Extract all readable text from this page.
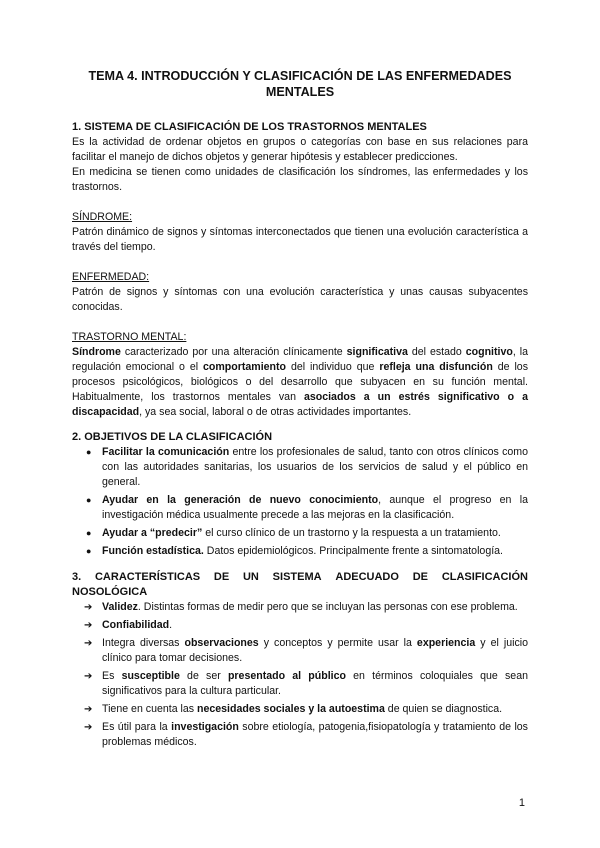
TEMA 4. INTRODUCCIÓN Y CLASIFICACIÓN DE LAS ENFERMEDADES MENTALES
1. SISTEMA DE CLASIFICACIÓN DE LOS TRASTORNOS MENTALES

Es la actividad de ordenar objetos en grupos o categorías con base en sus relaciones para facilitar el manejo de dichos objetos y generar hipótesis y establecer predicciones.

En medicina se tienen como unidades de clasificación los síndromes, las enfermedades y los trastornos.

SÍNDROME:

Patrón dinámico de signos y síntomas interconectados que tienen una evolución característica a través del tiempo.

ENFERMEDAD:

Patrón de signos y síntomas con una evolución característica y unas causas subyacentes conocidas.

TRASTORNO MENTAL:

Síndrome caracterizado por una alteración clínicamente significativa del estado cognitivo, la regulación emocional o el comportamiento del individuo que refleja una disfunción de los procesos psicológicos, biológicos o del desarrollo que subyacen en su función mental. Habitualmente, los trastornos mentales van asociados a un estrés significativo o a discapacidad, ya sea social, laboral o de otras actividades importantes.

2. OBJETIVOS DE LA CLASIFICACIÓN
● Facilitar la comunicación entre los profesionales de salud, tanto con otros clínicos como con las autoridades sanitarias, los usuarios de los servicios de salud y el público en general.
● Ayudar en la generación de nuevo conocimiento, aunque el progreso en la investigación médica usualmente precede a las mejoras en la clasificación.
● Ayudar a “predecir” el curso clínico de un trastorno y la respuesta a un tratamiento.
● Función estadística. Datos epidemiológicos. Principalmente frente a sintomatología.
3. CARACTERÍSTICAS DE UN SISTEMA ADECUADO DE CLASIFICACIÓN
NOSOLÓGICA
➔ Validez. Distintas formas de medir pero que se incluyan las personas con ese problema.
➔ Confiabilidad.
➔ Integra diversas observaciones y conceptos y permite usar la experiencia y el juicio clínico para tomar decisiones.
➔ Es susceptible de ser presentado al público en términos coloquiales que sean significativos para la cultura particular.
➔ Tiene en cuenta las necesidades sociales y la autoestima de quien se diagnostica.
➔ Es útil para la investigación sobre etiología, patogenia,fisiopatología y tratamiento de los problemas médicos.
1
